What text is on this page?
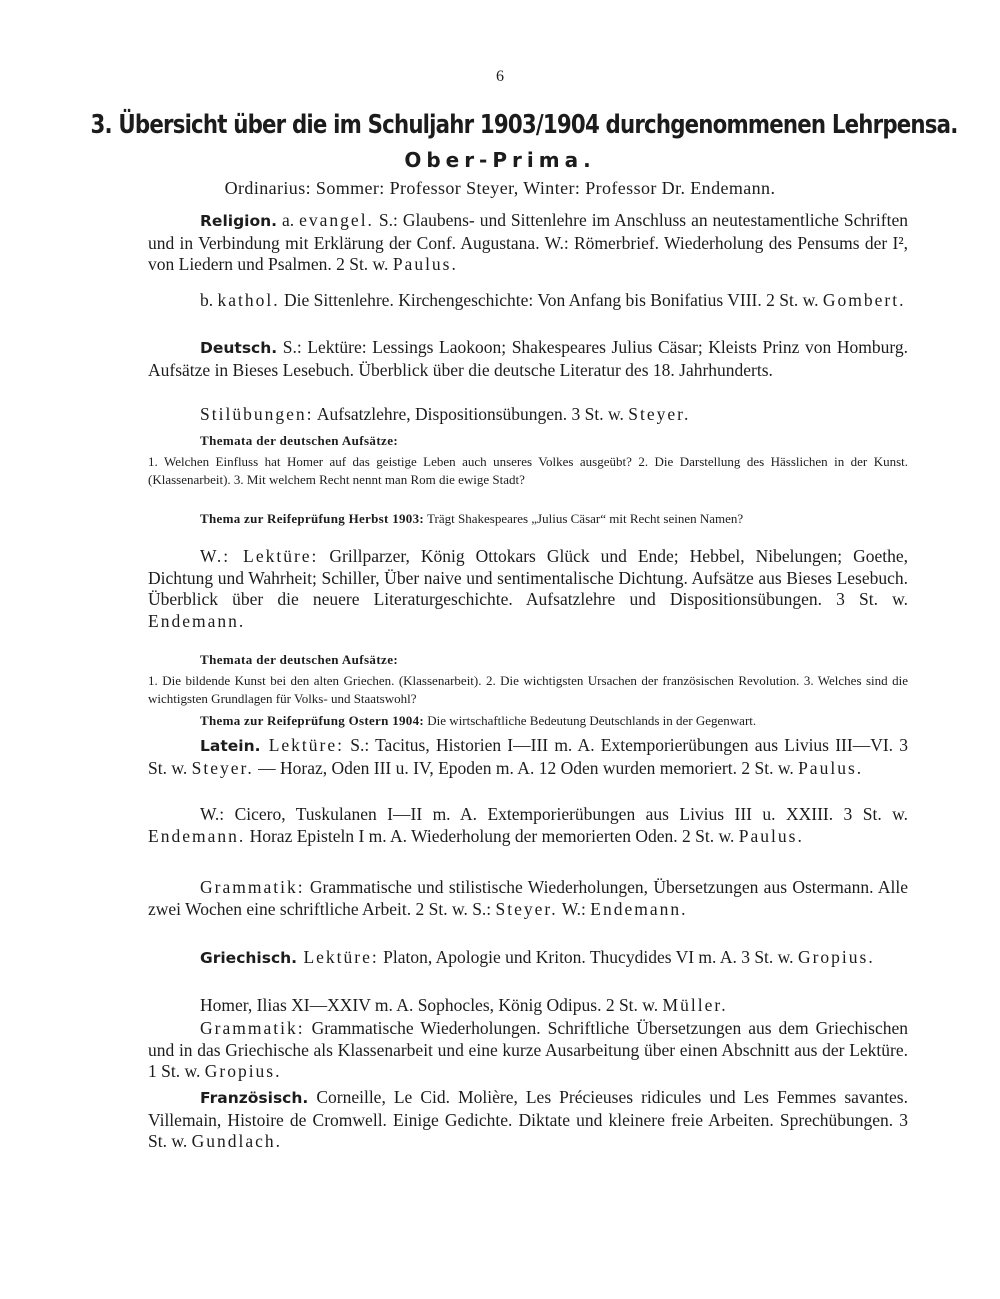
6
3. Übersicht über die im Schuljahr 1903/1904 durchgenommenen Lehrpensa.
Ober-Prima.
Ordinarius: Sommer: Professor Steyer, Winter: Professor Dr. Endemann.
Religion. a. evangel. S.: Glaubens- und Sittenlehre im Anschluss an neutestamentliche Schriften und in Verbindung mit Erklärung der Conf. Augustana. W.: Römerbrief. Wiederholung des Pensums der I², von Liedern und Psalmen. 2 St. w. Paulus.
b. kathol. Die Sittenlehre. Kirchengeschichte: Von Anfang bis Bonifatius VIII. 2 St. w. Gombert.
Deutsch. S.: Lektüre: Lessings Laokoon; Shakespeares Julius Cäsar; Kleists Prinz von Homburg. Aufsätze in Bieses Lesebuch. Überblick über die deutsche Literatur des 18. Jahrhunderts.
Stilübungen: Aufsatzlehre, Dispositionsübungen. 3 St. w. Steyer.
Themata der deutschen Aufsätze:
1. Welchen Einfluss hat Homer auf das geistige Leben auch unseres Volkes ausgeübt? 2. Die Darstellung des Hässlichen in der Kunst. (Klassenarbeit). 3. Mit welchem Recht nennt man Rom die ewige Stadt?
Thema zur Reifeprüfung Herbst 1903: Trägt Shakespeares „Julius Cäsar“ mit Recht seinen Namen?
W.: Lektüre: Grillparzer, König Ottokars Glück und Ende; Hebbel, Nibelungen; Goethe, Dichtung und Wahrheit; Schiller, Über naive und sentimentalische Dichtung. Aufsätze aus Bieses Lesebuch. Überblick über die neuere Literaturgeschichte. Aufsatzlehre und Dispositionsübungen. 3 St. w. Endemann.
Themata der deutschen Aufsätze:
1. Die bildende Kunst bei den alten Griechen. (Klassenarbeit). 2. Die wichtigsten Ursachen der französischen Revolution. 3. Welches sind die wichtigsten Grundlagen für Volks- und Staatswohl?
Thema zur Reifeprüfung Ostern 1904: Die wirtschaftliche Bedeutung Deutschlands in der Gegenwart.
Latein. Lektüre: S.: Tacitus, Historien I—III m. A. Extemporierübungen aus Livius III—VI. 3 St. w. Steyer. — Horaz, Oden III u. IV, Epoden m. A. 12 Oden wurden memoriert. 2 St. w. Paulus.
W.: Cicero, Tuskulanen I—II m. A. Extemporierübungen aus Livius III u. XXIII. 3 St. w. Endemann. Horaz Episteln I m. A. Wiederholung der memorierten Oden. 2 St. w. Paulus.
Grammatik: Grammatische und stilistische Wiederholungen, Übersetzungen aus Ostermann. Alle zwei Wochen eine schriftliche Arbeit. 2 St. w. S.: Steyer. W.: Endemann.
Griechisch. Lektüre: Platon, Apologie und Kriton. Thucydides VI m. A. 3 St. w. Gropius.
Homer, Ilias XI—XXIV m. A. Sophocles, König Odipus. 2 St. w. Müller.
Grammatik: Grammatische Wiederholungen. Schriftliche Übersetzungen aus dem Griechischen und in das Griechische als Klassenarbeit und eine kurze Ausarbeitung über einen Abschnitt aus der Lektüre. 1 St. w. Gropius.
Französisch. Corneille, Le Cid. Molière, Les Précieuses ridicules und Les Femmes savantes. Villemain, Histoire de Cromwell. Einige Gedichte. Diktate und kleinere freie Arbeiten. Sprechübungen. 3 St. w. Gundlach.
